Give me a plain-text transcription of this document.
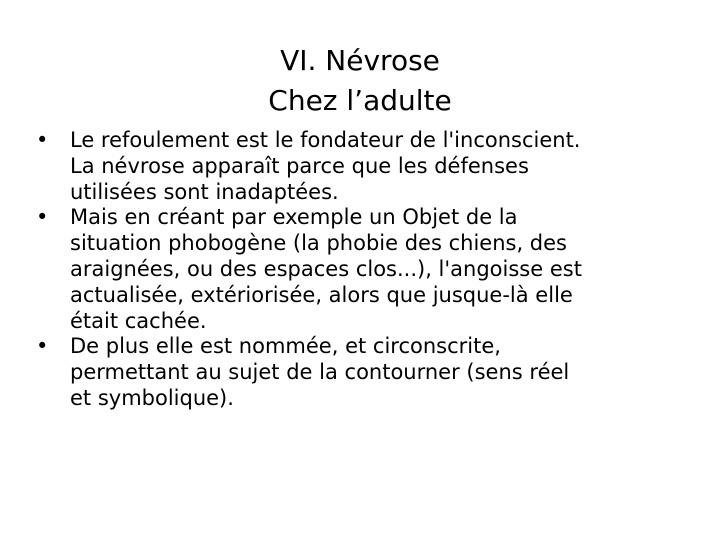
VI. Névrose
Chez l’adulte
•	Le refoulement est le fondateur de l'inconscient.
La névrose apparaît parce que les défenses
utilisées sont inadaptées.
•	Mais en créant par exemple un Objet de la
situation phobogène (la phobie des chiens, des
araignées, ou des espaces clos...), l'angoisse est
actualisée, extériorisée, alors que jusque-là elle
était cachée.
•	De plus elle est nommée, et circonscrite,
permettant au sujet de la contourner (sens réel
et symbolique).
